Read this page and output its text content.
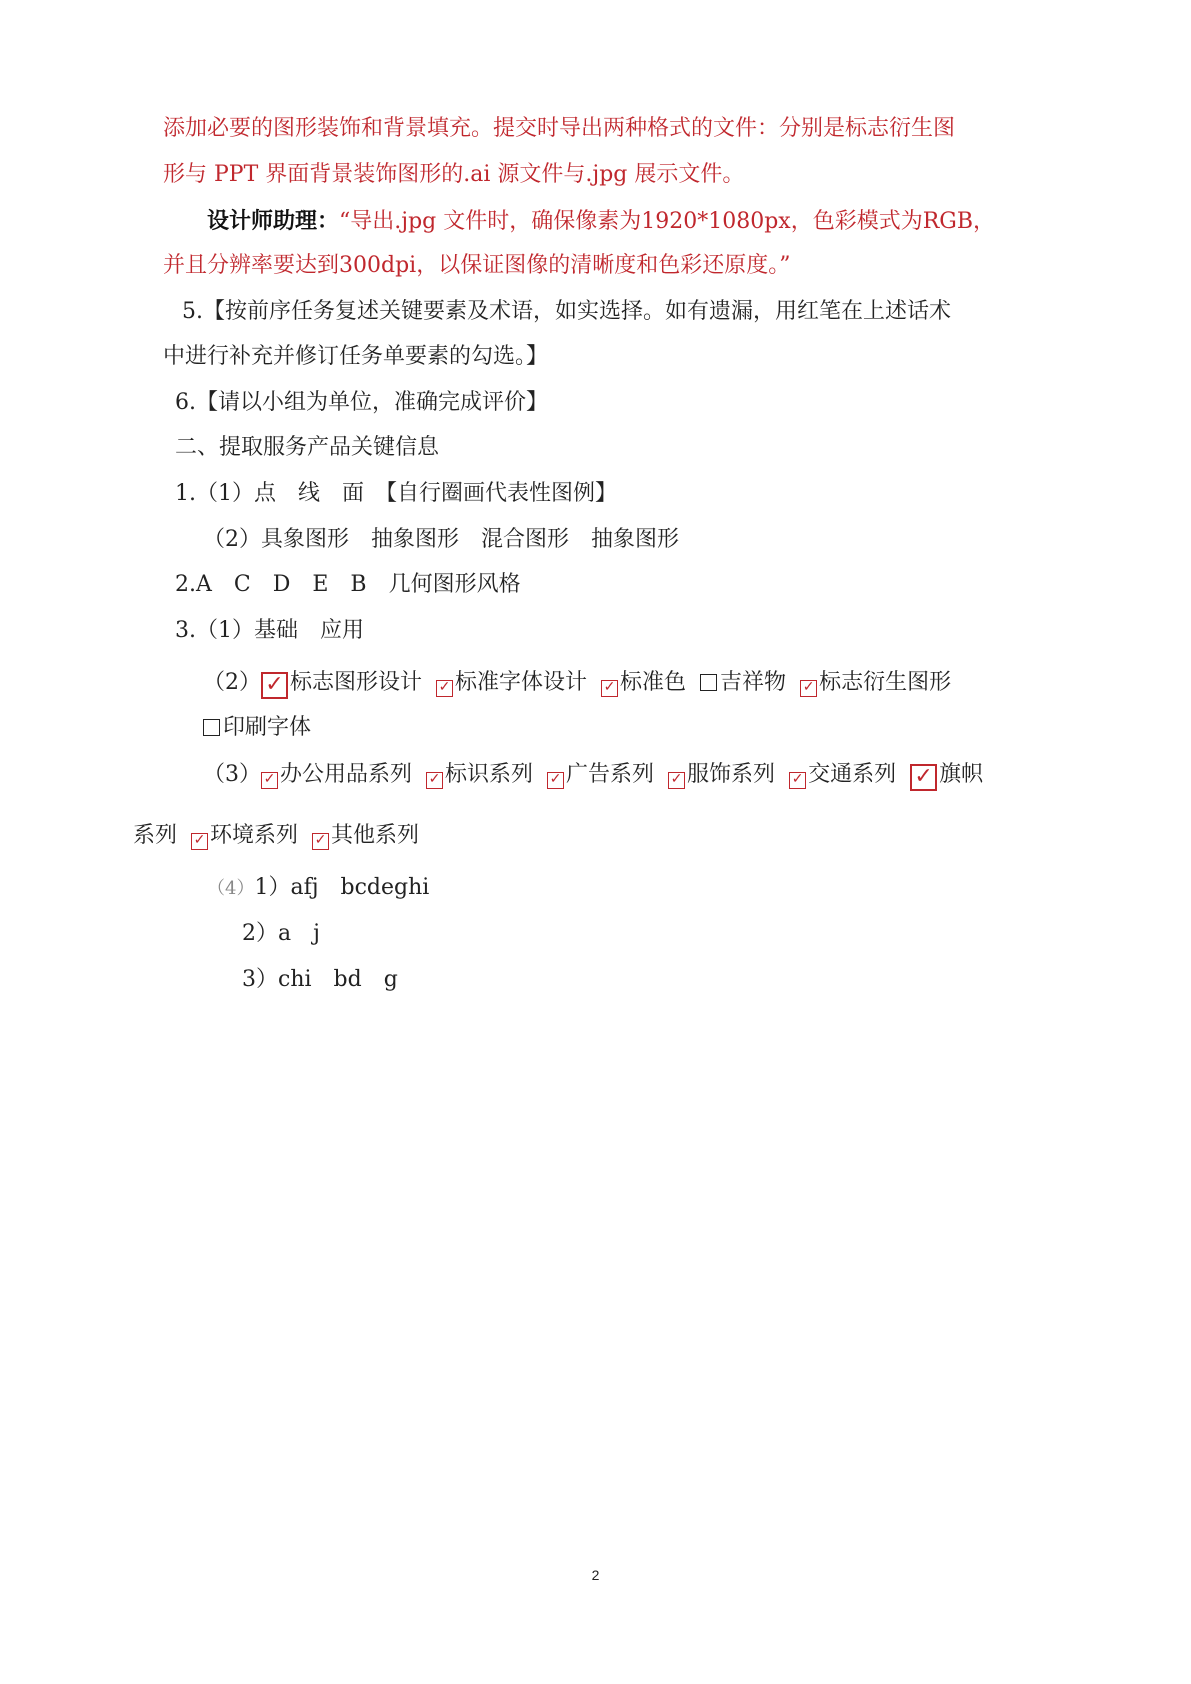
添加必要的图形装饰和背景填充。提交时导出两种格式的文件：分别是标志衍生图
形与 PPT 界面背景装饰图形的.ai 源文件与.jpg 展示文件。
设计师助理：“导出.jpg 文件时，确保像素为1920*1080px，色彩模式为RGB，
并且分辨率要达到300dpi，以保证图像的清晰度和色彩还原度。”
5.【按前序任务复述关键要素及术语，如实选择。如有遗漏，用红笔在上述话术
中进行补充并修订任务单要素的勾选。】
6.【请以小组为单位，准确完成评价】
二、提取服务产品关键信息
1.（1）点　线　面　【自行圈画代表性图例】
（2）具象图形　抽象图形　混合图形　抽象图形
2.A　C　D　E　B　几何图形风格
3.（1）基础　应用
（2） ✓ 标志图形设计 ✓ 标准字体设计 ✓ 标准色 吉祥物 ✓ 标志衍生图形
印刷字体
（3） ✓ 办公用品系列 ✓ 标识系列 ✓ 广告系列 ✓ 服饰系列 ✓ 交通系列 ✓ 旗帜
系列 ✓ 环境系列 ✓ 其他系列
（4）1）afj　bcdeghi
2）a　j
3）chi　bd　g
2
